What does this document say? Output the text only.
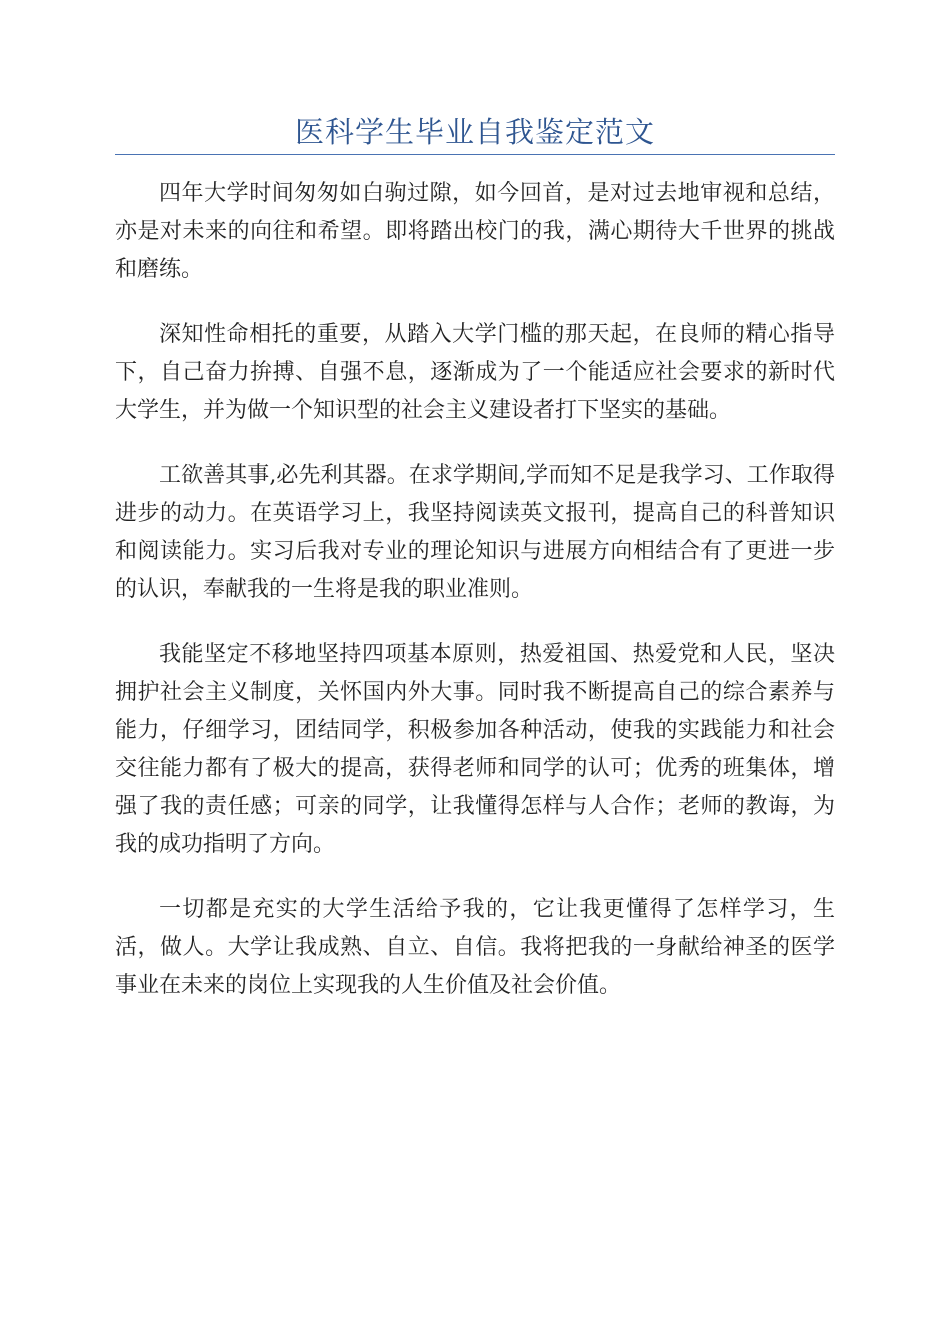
医科学生毕业自我鉴定范文

四年大学时间匆匆如白驹过隙，如今回首，是对过去地审视和总结，亦是对未来的向往和希望。即将踏出校门的我，满心期待大千世界的挑战和磨练。

深知性命相托的重要，从踏入大学门槛的那天起，在良师的精心指导下，自己奋力拚搏、自强不息，逐渐成为了一个能适应社会要求的新时代大学生，并为做一个知识型的社会主义建设者打下坚实的基础。

工欲善其事,必先利其器。在求学期间,学而知不足是我学习、工作取得进步的动力。在英语学习上，我坚持阅读英文报刊，提高自己的科普知识和阅读能力。实习后我对专业的理论知识与进展方向相结合有了更进一步的认识，奉献我的一生将是我的职业准则。

我能坚定不移地坚持四项基本原则，热爱祖国、热爱党和人民，坚决拥护社会主义制度，关怀国内外大事。同时我不断提高自己的综合素养与能力，仔细学习，团结同学，积极参加各种活动，使我的实践能力和社会交往能力都有了极大的提高，获得老师和同学的认可；优秀的班集体，增强了我的责任感；可亲的同学，让我懂得怎样与人合作；老师的教诲，为我的成功指明了方向。

一切都是充实的大学生活给予我的，它让我更懂得了怎样学习，生活，做人。大学让我成熟、自立、自信。我将把我的一身献给神圣的医学事业在未来的岗位上实现我的人生价值及社会价值。
